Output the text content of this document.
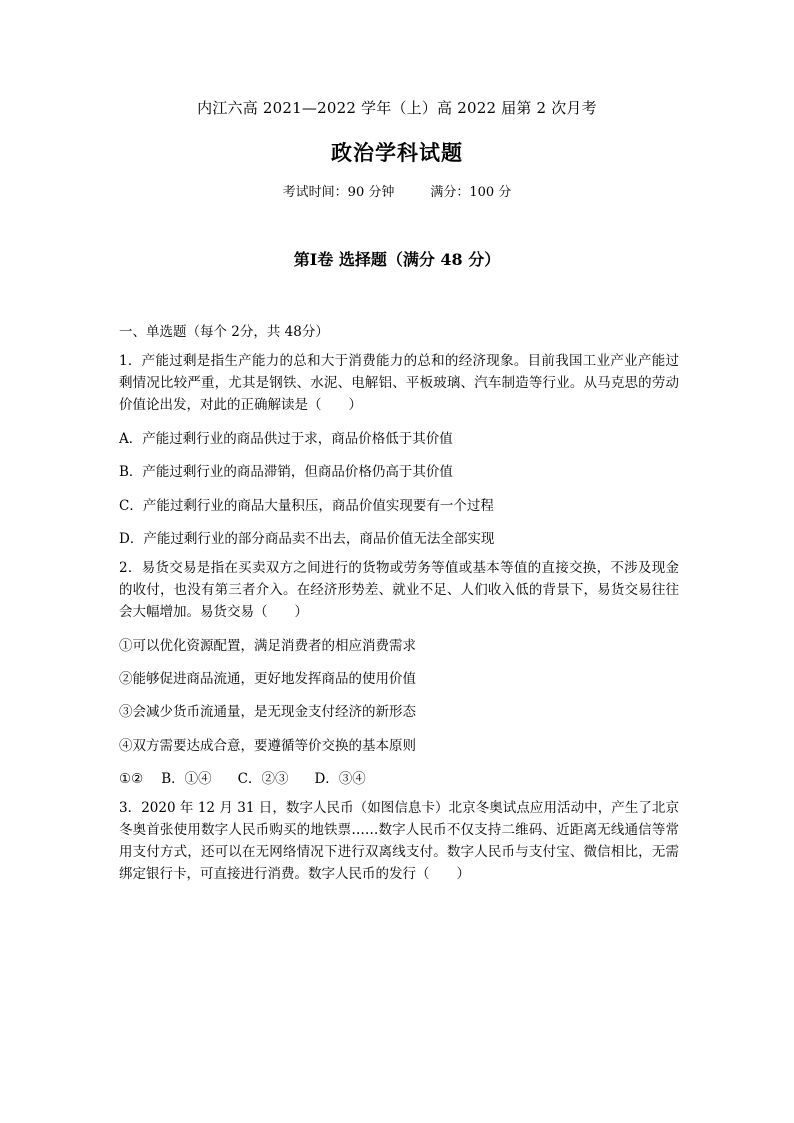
内江六高 2021—2022 学年（上）高 2022 届第 2 次月考
政治学科试题
考试时间：90 分钟	满分：100 分
第Ⅰ卷 选择题（满分 48 分）
一、单选题（每个 2分，共 48分）
1．产能过剩是指生产能力的总和大于消费能力的总和的经济现象。目前我国工业产业产能过剩情况比较严重，尤其是钢铁、水泥、电解铝、平板玻璃、汽车制造等行业。从马克思的劳动价值论出发，对此的正确解读是（　　）
A．产能过剩行业的商品供过于求，商品价格低于其价值
B．产能过剩行业的商品滞销，但商品价格仍高于其价值
C．产能过剩行业的商品大量积压，商品价值实现要有一个过程
D．产能过剩行业的部分商品卖不出去，商品价值无法全部实现
2．易货交易是指在买卖双方之间进行的货物或劳务等值或基本等值的直接交换，不涉及现金的收付，也没有第三者介入。在经济形势差、就业不足、人们收入低的背景下，易货交易往往会大幅增加。易货交易（　　）
①可以优化资源配置，满足消费者的相应消费需求
②能够促进商品流通，更好地发挥商品的使用价值
③会减少货币流通量，是无现金支付经济的新形态
④双方需要达成合意，要遵循等价交换的基本原则
①② B．①④ C．②③ D．③④
3．2020 年 12 月 31 日，数字人民币（如图信息卡）北京冬奥试点应用活动中，产生了北京冬奥首张使用数字人民币购买的地铁票……数字人民币不仅支持二维码、近距离无线通信等常用支付方式，还可以在无网络情况下进行双离线支付。数字人民币与支付宝、微信相比，无需绑定银行卡，可直接进行消费。数字人民币的发行（　　）
